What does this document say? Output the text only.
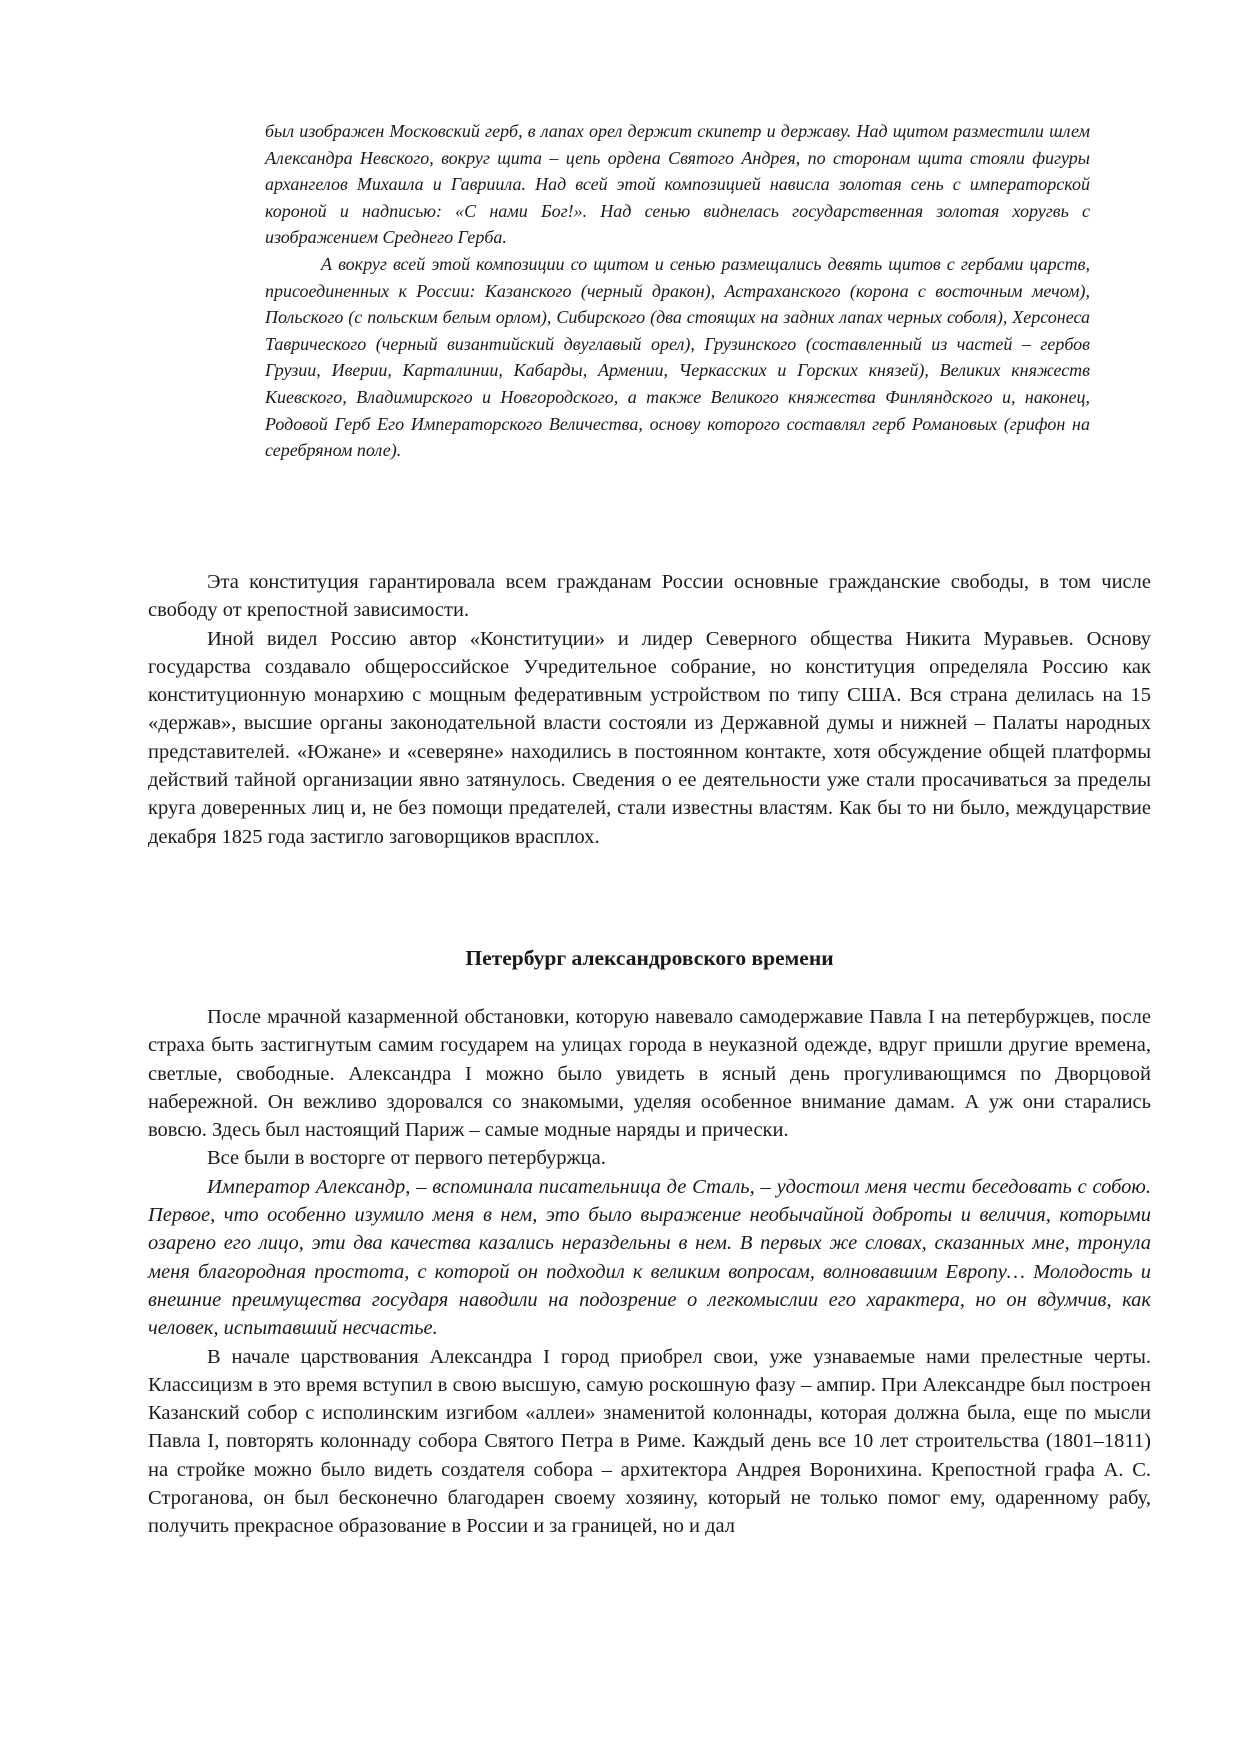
был изображен Московский герб, в лапах орел держит скипетр и державу. Над щитом разместили шлем Александра Невского, вокруг щита – цепь ордена Святого Андрея, по сторонам щита стояли фигуры архангелов Михаила и Гавриила. Над всей этой композицией нависла золотая сень с императорской короной и надписью: «С нами Бог!». Над сенью виднелась государственная золотая хоругвь с изображением Среднего Герба.

А вокруг всей этой композиции со щитом и сенью размещались девять щитов с гербами царств, присоединенных к России: Казанского (черный дракон), Астраханского (корона с восточным мечом), Польского (с польским белым орлом), Сибирского (два стоящих на задних лапах черных соболя), Херсонеса Таврического (черный византийский двуглавый орел), Грузинского (составленный из частей – гербов Грузии, Иверии, Карталинии, Кабарды, Армении, Черкасских и Горских князей), Великих княжеств Киевского, Владимирского и Новгородского, а также Великого княжества Финляндского и, наконец, Родовой Герб Его Императорского Величества, основу которого составлял герб Романовых (грифон на серебряном поле).

Эта конституция гарантировала всем гражданам России основные гражданские свободы, в том числе свободу от крепостной зависимости.

Иной видел Россию автор «Конституции» и лидер Северного общества Никита Муравьев. Основу государства создавало общероссийское Учредительное собрание, но конституция определяла Россию как конституционную монархию с мощным федеративным устройством по типу США. Вся страна делилась на 15 «держав», высшие органы законодательной власти состояли из Державной думы и нижней – Палаты народных представителей. «Южане» и «северяне» находились в постоянном контакте, хотя обсуждение общей платформы действий тайной организации явно затянулось. Сведения о ее деятельности уже стали просачиваться за пределы круга доверенных лиц и, не без помощи предателей, стали известны властям. Как бы то ни было, междуцарствие декабря 1825 года застигло заговорщиков врасплох.

Петербург александровского времени

После мрачной казарменной обстановки, которую навевало самодержавие Павла I на петербуржцев, после страха быть застигнутым самим государем на улицах города в неуказной одежде, вдруг пришли другие времена, светлые, свободные. Александра I можно было увидеть в ясный день прогуливающимся по Дворцовой набережной. Он вежливо здоровался со знакомыми, уделяя особенное внимание дамам. А уж они старались вовсю. Здесь был настоящий Париж – самые модные наряды и прически.

Все были в восторге от первого петербуржца.

Император Александр, – вспоминала писательница де Сталь, – удостоил меня чести беседовать с собою. Первое, что особенно изумило меня в нем, это было выражение необычайной доброты и величия, которыми озарено его лицо, эти два качества казались нераздельны в нем. В первых же словах, сказанных мне, тронула меня благородная простота, с которой он подходил к великим вопросам, волновавшим Европу… Молодость и внешние преимущества государя наводили на подозрение о легкомыслии его характера, но он вдумчив, как человек, испытавший несчастье.

В начале царствования Александра I город приобрел свои, уже узнаваемые нами прелестные черты. Классицизм в это время вступил в свою высшую, самую роскошную фазу – ампир. При Александре был построен Казанский собор с исполинским изгибом «аллеи» знаменитой колоннады, которая должна была, еще по мысли Павла I, повторять колоннаду собора Святого Петра в Риме. Каждый день все 10 лет строительства (1801–1811) на стройке можно было видеть создателя собора – архитектора Андрея Воронихина. Крепостной графа А. С. Строганова, он был бесконечно благодарен своему хозяину, который не только помог ему, одаренному рабу, получить прекрасное образование в России и за границей, но и дал
